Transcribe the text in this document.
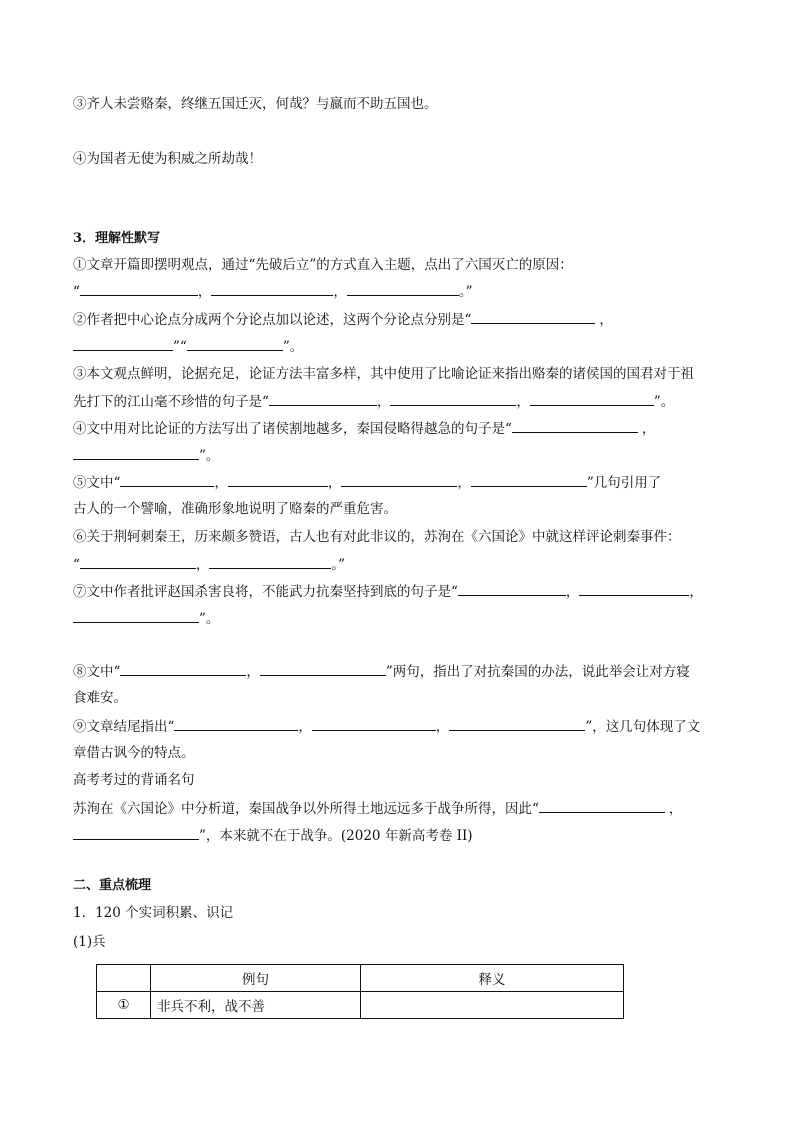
③齐人未尝赂秦，终继五国迁灭，何哉？与嬴而不助五国也。
④为国者无使为积威之所劫哉！
3．理解性默写
①文章开篇即摆明观点，通过“先破后立”的方式直入主题，点出了六国灭亡的原因：
“	，	，	。”
②作者把中心论点分成两个分论点加以论述，这两个分论点分别是“	，
”“	”。
③本文观点鲜明，论据充足，论证方法丰富多样，其中使用了比喻论证来指出赂秦的诸侯国的国君对于祖
先打下的江山毫不珍惜的句子是“	，	，	”。
④文中用对比论证的方法写出了诸侯割地越多，秦国侵略得越急的句子是“	，
”。
⑤文中“	，	，	，	”几句引用了
古人的一个譬喻，准确形象地说明了赂秦的严重危害。
⑥关于荆轲刺秦王，历来颇多赞语，古人也有对此非议的，苏洵在《六国论》中就这样评论刺秦事件：
“	，	。”
⑦文中作者批评赵国杀害良将，不能武力抗秦坚持到底的句子是“	，	，
”。
⑧文中“	，	”两句，指出了对抗秦国的办法，说此举会让对方寝
食难安。
⑨文章结尾指出“	，	，	”，这几句体现了文
章借古讽今的特点。
高考考过的背诵名句
苏洵在《六国论》中分析道，秦国战争以外所得土地远远多于战争所得，因此“	，
”，本来就不在于战争。(2020 年新高考卷 II)
二、重点梳理
1．120 个实词积累、识记
(1)兵
	例句	释义
①	非兵不利，战不善	
